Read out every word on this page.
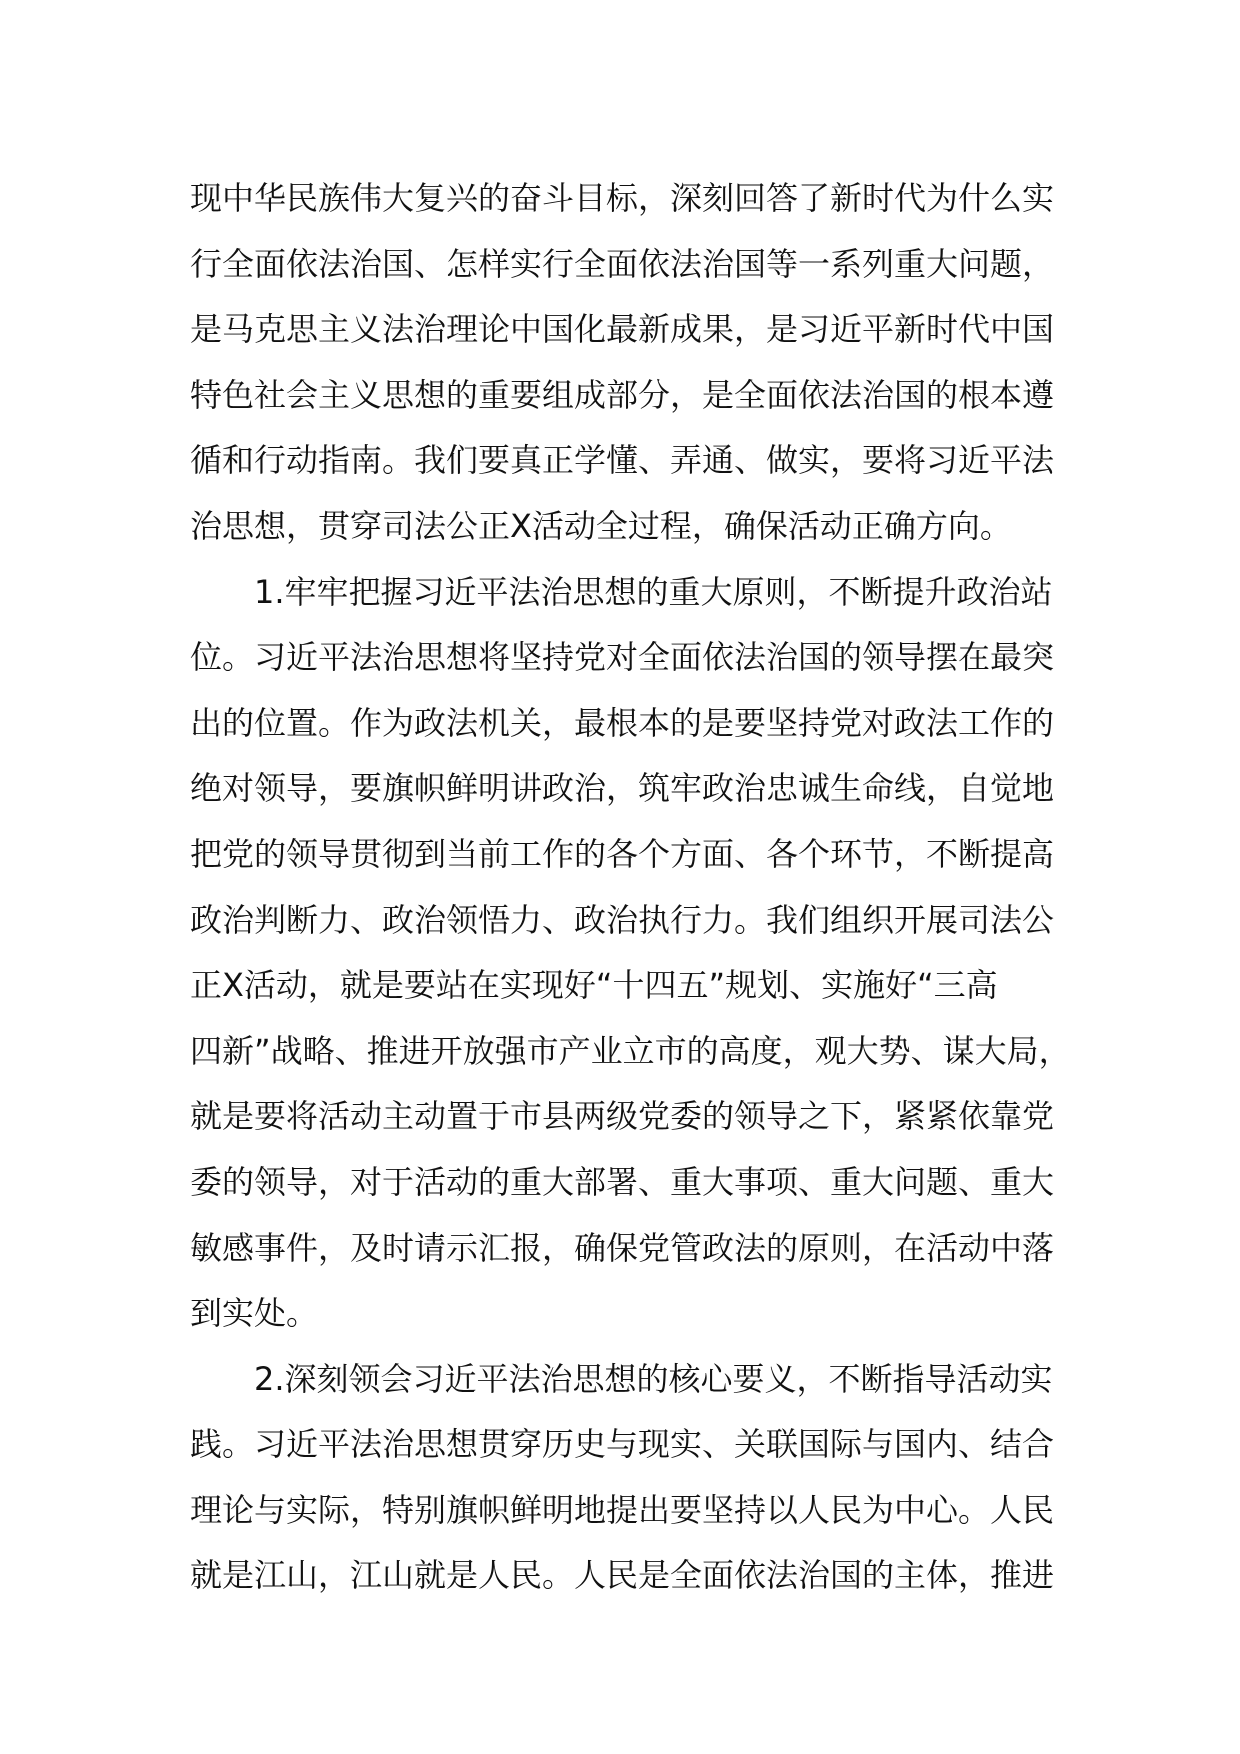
现中华民族伟大复兴的奋斗目标，深刻回答了新时代为什么实
行全面依法治国、怎样实行全面依法治国等一系列重大问题，
是马克思主义法治理论中国化最新成果，是习近平新时代中国
特色社会主义思想的重要组成部分，是全面依法治国的根本遵
循和行动指南。我们要真正学懂、弄通、做实，要将习近平法
治思想，贯穿司法公正X活动全过程，确保活动正确方向。
1.牢牢把握习近平法治思想的重大原则，不断提升政治站
位。习近平法治思想将坚持党对全面依法治国的领导摆在最突
出的位置。作为政法机关，最根本的是要坚持党对政法工作的
绝对领导，要旗帜鲜明讲政治，筑牢政治忠诚生命线，自觉地
把党的领导贯彻到当前工作的各个方面、各个环节，不断提高
政治判断力、政治领悟力、政治执行力。我们组织开展司法公
正X活动，就是要站在实现好“十四五”规划、实施好“三高
四新”战略、推进开放强市产业立市的高度，观大势、谋大局，
就是要将活动主动置于市县两级党委的领导之下，紧紧依靠党
委的领导，对于活动的重大部署、重大事项、重大问题、重大
敏感事件，及时请示汇报，确保党管政法的原则，在活动中落
到实处。
2.深刻领会习近平法治思想的核心要义，不断指导活动实
践。习近平法治思想贯穿历史与现实、关联国际与国内、结合
理论与实际，特别旗帜鲜明地提出要坚持以人民为中心。人民
就是江山，江山就是人民。人民是全面依法治国的主体，推进
